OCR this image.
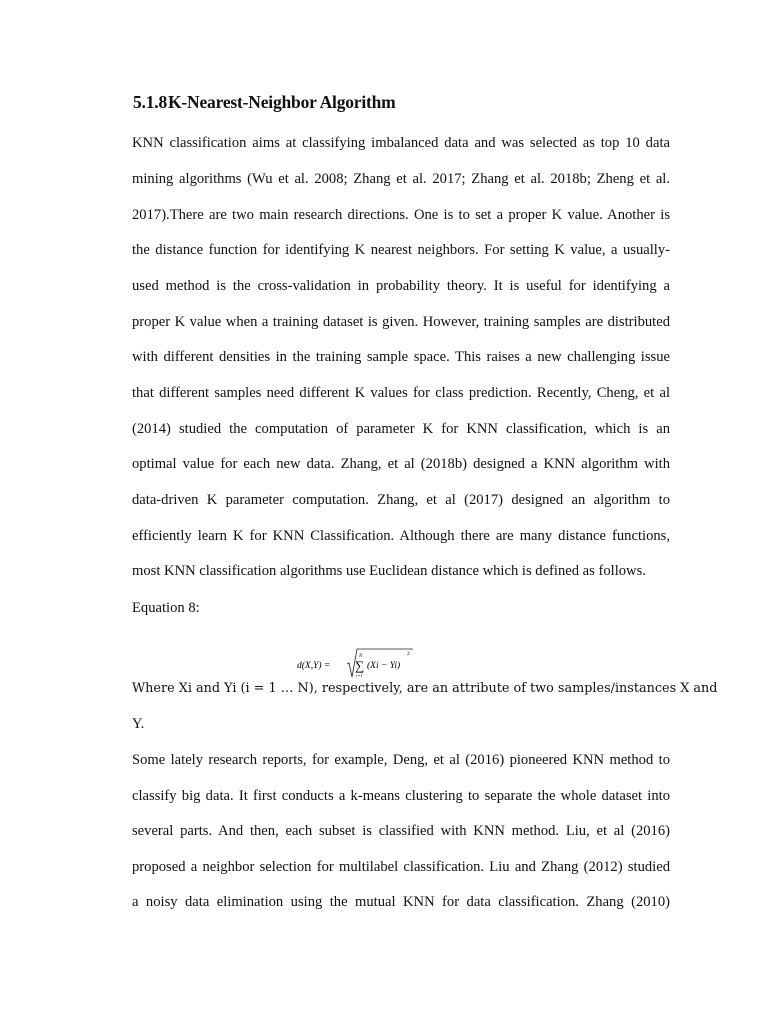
5.1.8K-Nearest-Neighbor Algorithm
KNN classification aims at classifying imbalanced data and was selected as top 10 data
mining algorithms (Wu et al. 2008; Zhang et al. 2017; Zhang et al. 2018b; Zheng et al.
2017).There are two main research directions. One is to set a proper K value. Another is
the distance function for identifying K nearest neighbors. For setting K value, a usually-
used method is the cross-validation in probability theory. It is useful for identifying a
proper K value when a training dataset is given. However, training samples are distributed
with different densities in the training sample space. This raises a new challenging issue
that different samples need different K values for class prediction. Recently, Cheng, et al
(2014) studied the computation of parameter K for KNN classification, which is an
optimal value for each new data. Zhang, et al (2018b) designed a KNN algorithm with
data-driven K parameter computation. Zhang, et al (2017) designed an algorithm to
efficiently learn K for KNN Classification. Although there are many distance functions,
most KNN classification algorithms use Euclidean distance which is defined as follows.
Equation 8:
d(X,Y) =
N
∑
i=1
(Xi − Yi)
2
Where Xi and Yi (i = 1 … N), respectively, are an attribute of two samples/instances X and
Y.
Some lately research reports, for example, Deng, et al (2016) pioneered KNN method to
classify big data. It first conducts a k-means clustering to separate the whole dataset into
several parts. And then, each subset is classified with KNN method. Liu, et al (2016)
proposed a neighbor selection for multilabel classification. Liu and Zhang (2012) studied
a noisy data elimination using the mutual KNN for data classification. Zhang (2010)
